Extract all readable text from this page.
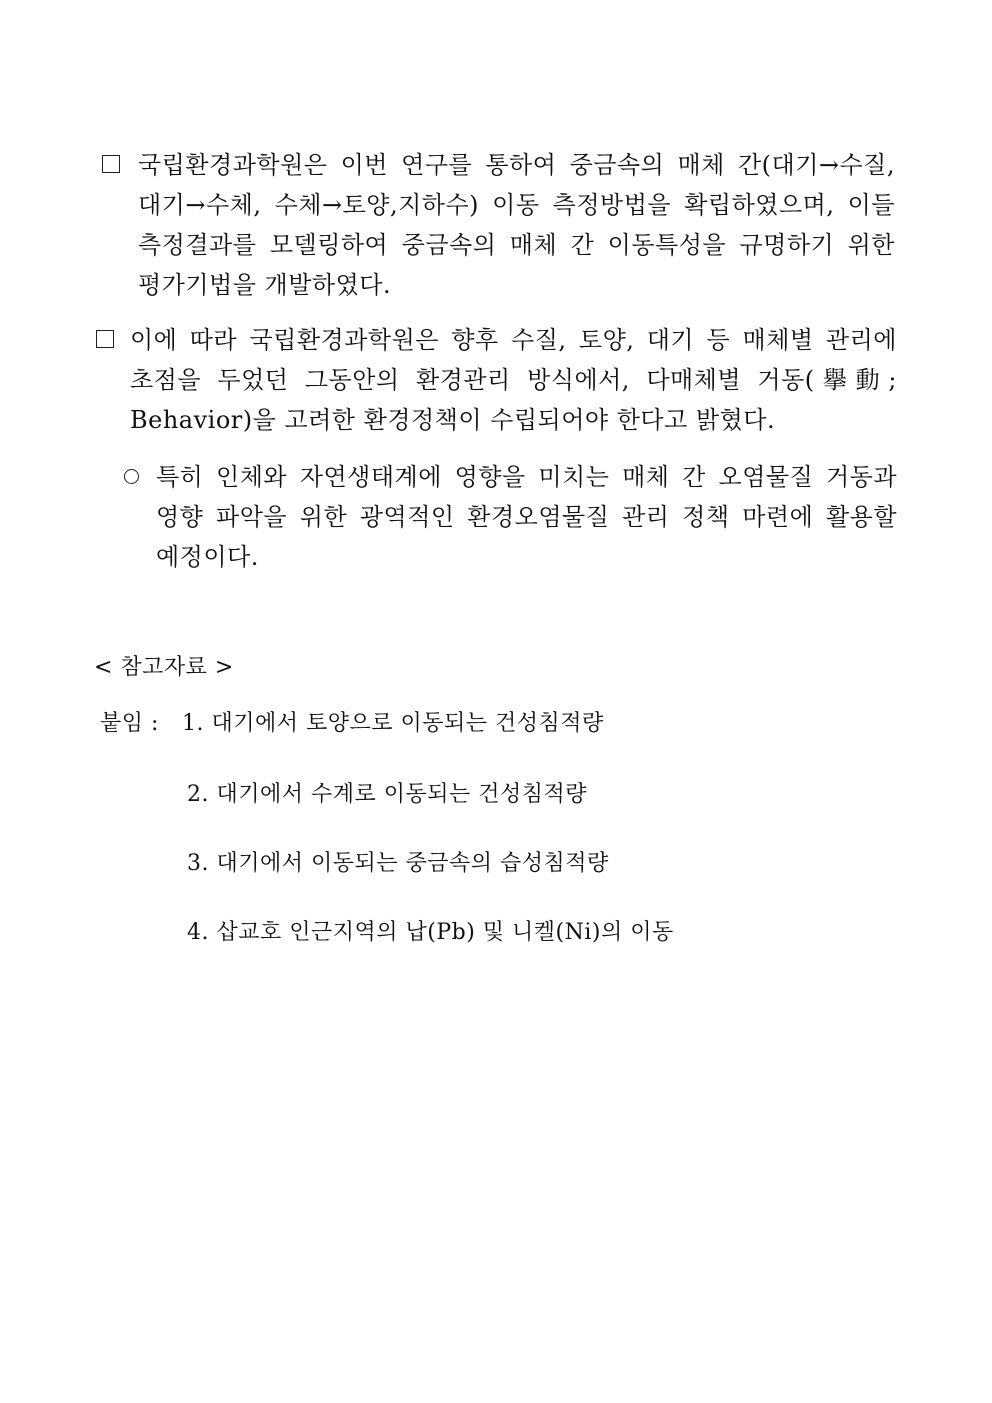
국립환경과학원은 이번 연구를 통하여 중금속의 매체 간(대기→수질, 대기→수체, 수체→토양,지하수) 이동 측정방법을 확립하였으며, 이들 측정결과를 모델링하여 중금속의 매체 간 이동특성을 규명하기 위한 평가기법을 개발하였다.
이에 따라 국립환경과학원은 향후 수질, 토양, 대기 등 매체별 관리에 초점을 두었던 그동안의 환경관리 방식에서, 다매체별 거동(擧動; Behavior)을 고려한 환경정책이 수립되어야 한다고 밝혔다.
특히 인체와 자연생태계에 영향을 미치는 매체 간 오염물질 거동과 영향 파악을 위한 광역적인 환경오염물질 관리 정책 마련에 활용할 예정이다.
< 참고자료 >
붙임 : 1. 대기에서 토양으로 이동되는 건성침적량
2. 대기에서 수계로 이동되는 건성침적량
3. 대기에서 이동되는 중금속의 습성침적량
4. 삽교호 인근지역의 납(Pb) 및 니켈(Ni)의 이동
